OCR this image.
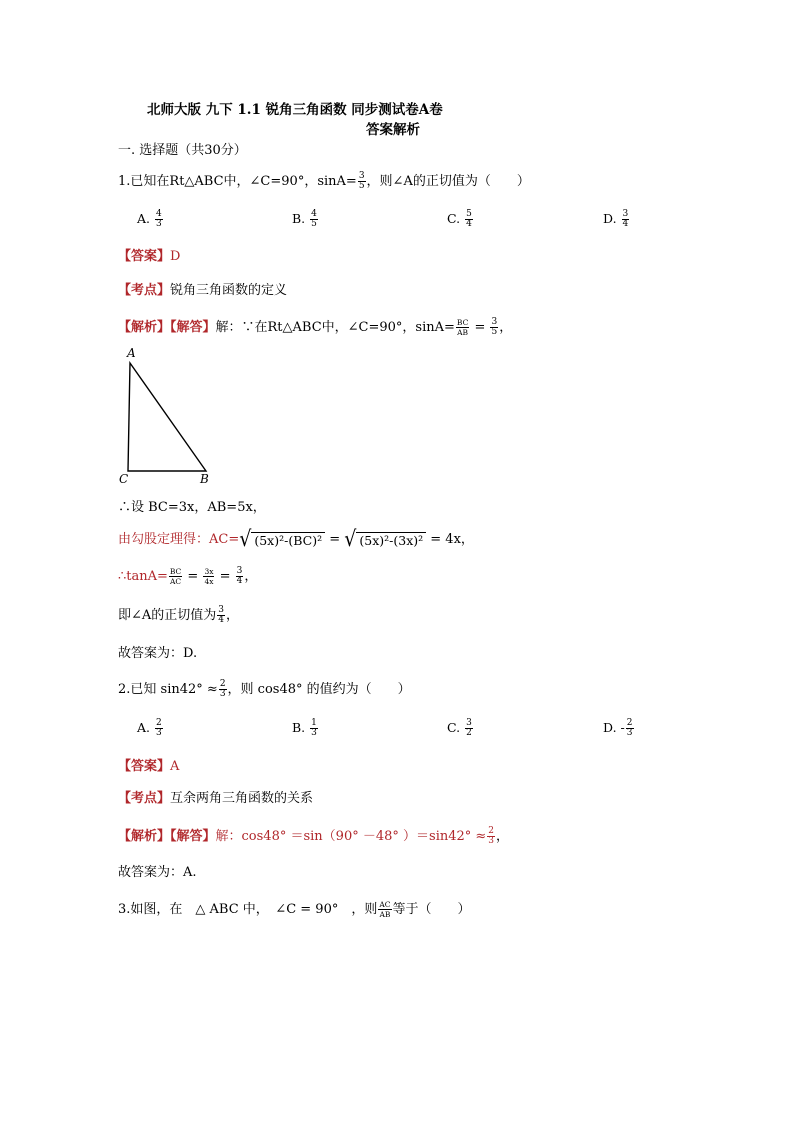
北师大版 九下 1.1 锐角三角函数 同步测试卷A卷
答案解析
一. 选择题（共30分）
1.已知在Rt△ABC中，∠C=90°，$\sin A= \frac{3}{5}$ ，则∠A的正切值为（　　）
A. $\frac{4}{3}$	B. $\frac{4}{5}$	C. $\frac{5}{4}$	D. $\frac{3}{4}$
【答案】D
【考点】锐角三角函数的定义
【解析】【解答】解：∵在Rt△ABC中，∠C=90°，$\sin A= \frac{BC}{AB} = \frac{3}{5}$ ，
A
C	B
∴设 BC=3x，AB=5x，
由勾股定理得：AC= √ (5x)²-(BC)² = √ (5x)²-(3x)² = 4x，
∴tanA= $\frac{BC}{AC} = \frac{3x}{4x} = \frac{3}{4}$ ，
即∠A的正切值为 $\frac{3}{4}$ ，
故答案为：D.
2.已知 $\sin 42^\circ \approx \frac{2}{3}$ ，则 cos48° 的值约为（　　）
A. $\frac{2}{3}$	B. $\frac{1}{3}$	C. $\frac{3}{2}$	D. - $\frac{2}{3}$
【答案】A
【考点】互余两角三角函数的关系
【解析】【解答】解：cos48° ＝sin（90° －48° ）$=\sin 42^\circ \approx \frac{2}{3}$ ，
故答案为：A.
3.如图，在　△ ABC 中，　∠C = 90°　，则 $\frac{AC}{AB}$ 等于（　　）
